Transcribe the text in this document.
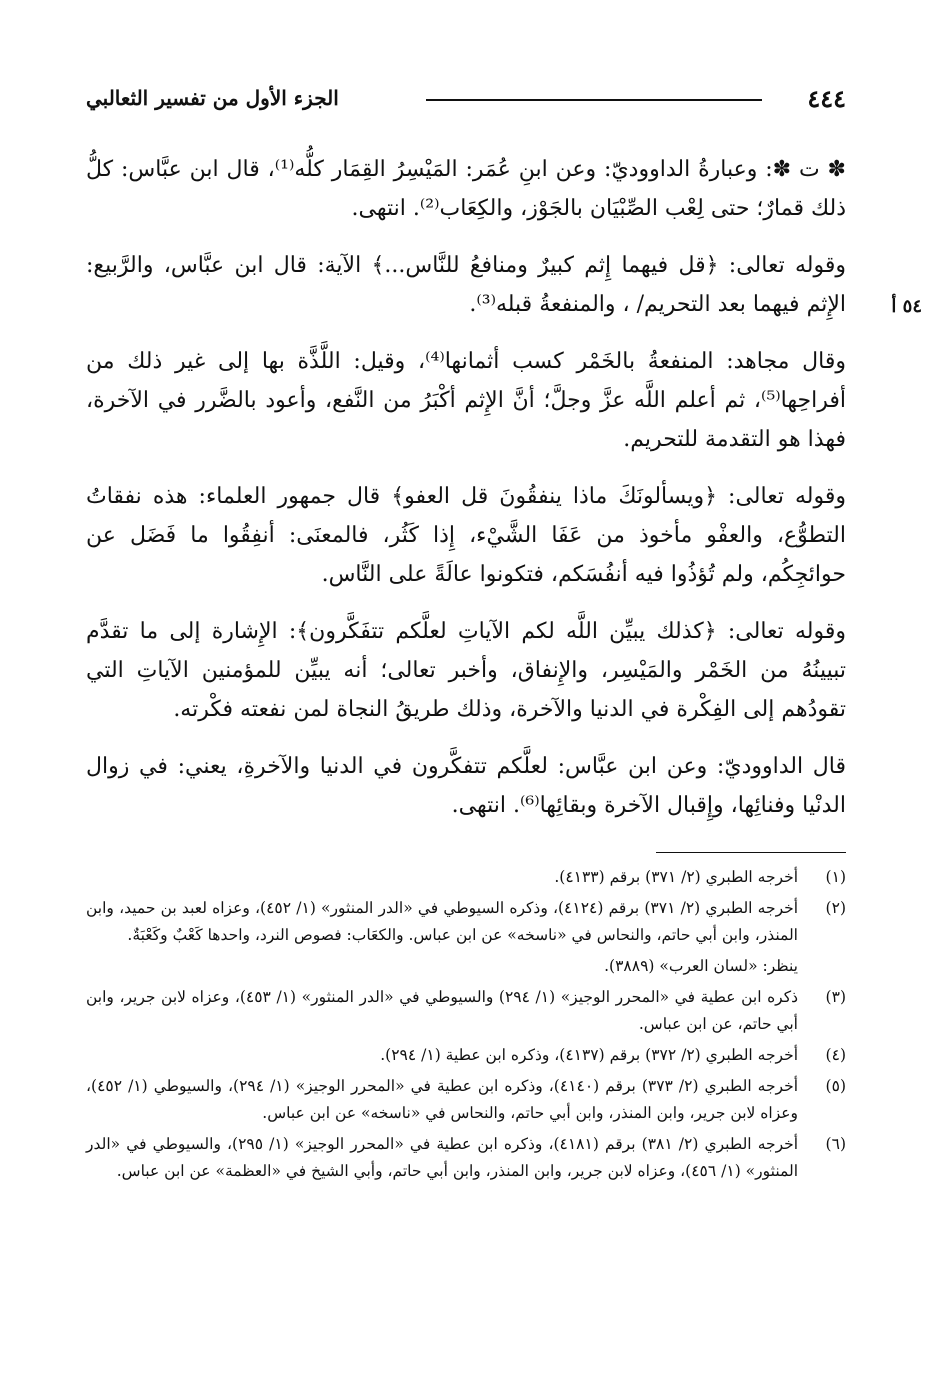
٤٤٤
الجزء الأول من تفسير الثعالبي
٥٤ أ

✽ ت ✽: وعبارةُ الداووديّ: وعن ابنِ عُمَر: المَيْسِرُ القِمَار كلُّه⁽¹⁾، قال ابن عبَّاس: كلُّ ذلك قمارٌ؛ حتى لِعْب الصِّبْيَان بالجَوْز، والكِعَاب⁽²⁾. انتهى.

وقوله تعالى: ﴿قل فيهما إِثم كبيرٌ ومنافعُ للنَّاس...﴾ الآية: قال ابن عبَّاس، والرَّبيع: الإِثم فيهما بعد التحريم/ ، والمنفعةُ قبله⁽³⁾.

وقال مجاهد: المنفعةُ بالخَمْر كسب أثمانها⁽⁴⁾، وقيل: اللَّذَّة بها إلى غير ذلك من أفراحِها⁽⁵⁾، ثم أعلم اللَّه عزَّ وجلَّ؛ أنَّ الإِثم أكْبَرُ من النَّفع، وأعود بالضَّرر في الآخرة، فهذا هو التقدمة للتحريم.

وقوله تعالى: ﴿ويسألونَكَ ماذا ينفقُونَ قل العفو﴾ قال جمهور العلماء: هذه نفقاتُ التطوُّع، والعفْو مأخوذ من عَفَا الشَّيْء، إِذا كَثُر، فالمعنَى: أنفِقُوا ما فَضَل عن حوائجِكُم، ولم تُؤذُوا فيه أنفُسَكم، فتكونوا عالَةً على النَّاس.

وقوله تعالى: ﴿كذلك يبيِّن اللَّه لكم الآياتِ لعلَّكم تتفَكَّرون﴾: الإِشارة إلى ما تقدَّم تبيينُهُ من الخَمْر والمَيْسِر، والإِنفاق، وأخبر تعالى؛ أنه يبيِّن للمؤمنين الآياتِ التي تقودُهم إلى الفِكْرة في الدنيا والآخرة، وذلك طريقُ النجاة لمن نفعته فكْرته.

قال الداووديّ: وعن ابن عبَّاس: لعلَّكم تتفكَّرون في الدنيا والآخرةِ، يعني: في زوال الدنْيا وفنائِها، وإِقبال الآخرة وبقائِها⁽⁶⁾. انتهى.

(١)
أخرجه الطبري (٢/ ٣٧١) برقم (٤١٣٣).
(٢)
أخرجه الطبري (٢/ ٣٧١) برقم (٤١٢٤)، وذكره السيوطي في «الدر المنثور» (١/ ٤٥٢)، وعزاه لعبد بن حميد، وابن المنذر، وابن أبي حاتم، والنحاس في «ناسخه» عن ابن عباس. والكعَاب: فصوص النرد، واحدها كَعْبٌ وكَعْبَةٌ.
ينظر: «لسان العرب» (٣٨٨٩).
(٣)
ذكره ابن عطية في «المحرر الوجيز» (١/ ٢٩٤) والسيوطي في «الدر المنثور» (١/ ٤٥٣)، وعزاه لابن جرير، وابن أبي حاتم، عن ابن عباس.
(٤)
أخرجه الطبري (٢/ ٣٧٢) برقم (٤١٣٧)، وذكره ابن عطية (١/ ٢٩٤).
(٥)
أخرجه الطبري (٢/ ٣٧٣) برقم (٤١٤٠)، وذكره ابن عطية في «المحرر الوجيز» (١/ ٢٩٤)، والسيوطي (١/ ٤٥٢)، وعزاه لابن جرير، وابن المنذر، وابن أبي حاتم، والنحاس في «ناسخه» عن ابن عباس.
(٦)
أخرجه الطبري (٢/ ٣٨١) برقم (٤١٨١)، وذكره ابن عطية في «المحرر الوجيز» (١/ ٢٩٥)، والسيوطي في «الدر المنثور» (١/ ٤٥٦)، وعزاه لابن جرير، وابن المنذر، وابن أبي حاتم، وأبي الشيخ في «العظمة» عن ابن عباس.
